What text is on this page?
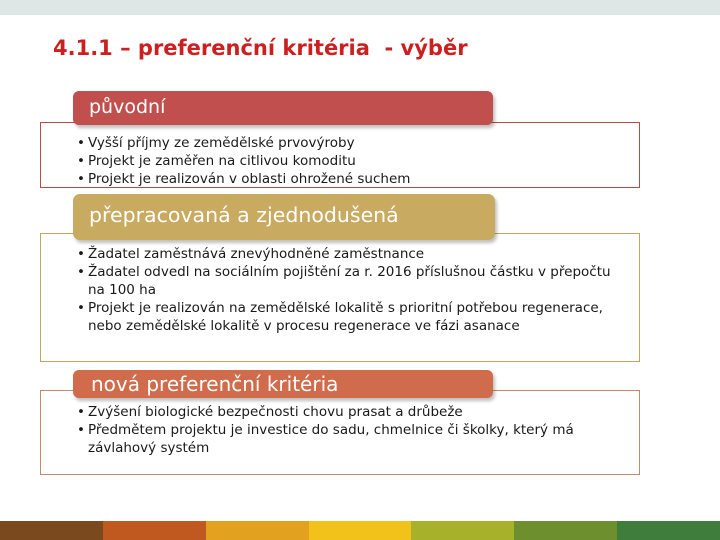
4.1.1 – preferenční kritéria  - výběr
• Vyšší příjmy ze zemědělské prvovýroby
• Projekt je zaměřen na citlivou komoditu
• Projekt je realizován v oblasti ohrožené suchem
původní
• Žadatel zaměstnává znevýhodněné zaměstnance
• Žadatel odvedl na sociálním pojištění za r. 2016 příslušnou částku v přepočtu na 100 ha
• Projekt je realizován na zemědělské lokalitě s prioritní potřebou regenerace, nebo zemědělské lokalitě v procesu regenerace ve fázi asanace
přepracovaná a zjednodušená
• Zvýšení biologické bezpečnosti chovu prasat a drůbeže
• Předmětem projektu je investice do sadu, chmelnice či školky, který má závlahový systém
nová preferenční kritéria
